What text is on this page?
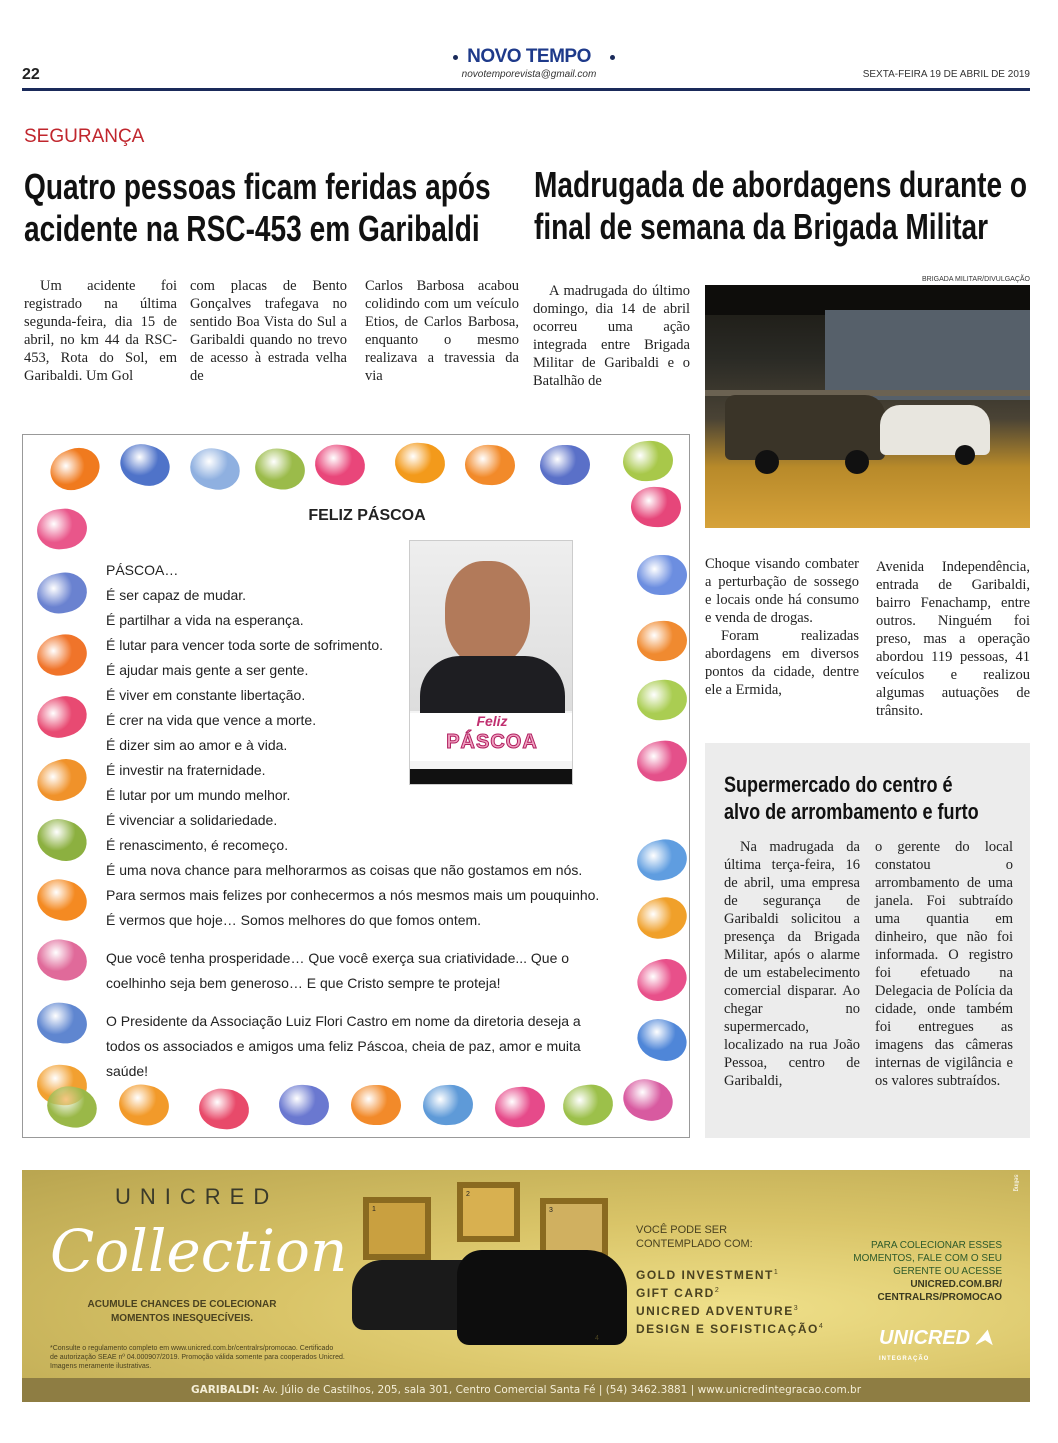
NOVO TEMPO
novotemporevista@gmail.com
22	SEXTA-FEIRA 19 DE ABRIL DE 2019
SEGURANÇA
Quatro pessoas ficam feridas após
acidente na RSC-453 em Garibaldi

Um acidente foi registrado na última segunda-feira, dia 15 de abril, no km 44 da RSC-453, Rota do Sol, em Garibaldi. Um Gol

com placas de Bento Gonçalves trafegava no sentido Boa Vista do Sul a Garibaldi quando no trevo de acesso à estrada velha de

Carlos Barbosa acabou colidindo com um veículo Etios, de Carlos Barbosa, enquanto o mesmo realizava a travessia da via

Madrugada de abordagens durante o
final de semana da Brigada Militar

A madrugada do último domingo, dia 14 de abril ocorreu uma ação integrada entre Brigada Militar de Garibaldi e o Batalhão de

BRIGADA MILITAR/DIVULGAÇÃO

Choque visando combater a perturbação de sossego e locais onde há consumo e venda de drogas.

Foram realizadas abordagens em diversos pontos da cidade, dentre ele a Ermida,

Avenida Independência, entrada de Garibaldi, bairro Fenachamp, entre outros. Ninguém foi preso, mas a operação abordou 119 pessoas, 41 veículos e realizou algumas autuações de trânsito.

FELIZ PÁSCOA
PÁSCOA…
É ser capaz de mudar.
É partilhar a vida na esperança.
É lutar para vencer toda sorte de sofrimento.
É ajudar mais gente a ser gente.
É viver em constante libertação.
É crer na vida que vence a morte.
É dizer sim ao amor e à vida.
É investir na fraternidade.
É lutar por um mundo melhor.
É vivenciar a solidariedade.
É renascimento, é recomeço.
É uma nova chance para melhorarmos as coisas que não gostamos em nós.
Para sermos mais felizes por conhecermos a nós mesmos mais um pouquinho.
É vermos que hoje… Somos melhores do que fomos ontem.
Que você tenha prosperidade… Que você exerça sua criatividade... Que o
coelhinho seja bem generoso… E que Cristo sempre te proteja!
O Presidente da Associação Luiz Flori Castro em nome da diretoria deseja a
todos os associados e amigos uma feliz Páscoa, cheia de paz, amor e muita
saúde!
Feliz
PÁSCOA
Supermercado do centro é
alvo de arrombamento e furto

Na madrugada da última terça-feira, 16 de abril, uma empresa de segurança de Garibaldi solicitou a presença da Brigada Militar, após o alarme de um estabelecimento comercial disparar. Ao chegar no supermercado, localizado na rua João Pessoa, centro de Garibaldi,

o gerente do local constatou o arrombamento de uma janela. Foi subtraído uma quantia em dinheiro, que não foi informada. O registro foi efetuado na Delegacia de Polícia da cidade, onde também foi entregues as imagens das câmeras internas de vigilância e os valores subtraídos.

UNICRED
Collection
ACUMULE CHANCES DE COLECIONAR
MOMENTOS INESQUECÍVEIS.
*Consulte o regulamento completo em www.unicred.com.br/centralrs/promocao. Certificado
de autorização SEAE nº 04.000907/2019. Promoção válida somente para cooperados Unicred.
Imagens meramente ilustrativas.
1
2
3
4
VOCÊ PODE SER
CONTEMPLADO COM:
GOLD INVESTMENT$^1$
GIFT CARD$^2$
UNICRED ADVENTURE$^3$
DESIGN E SOFISTICAÇÃO$^4$
PARA COLECIONAR ESSES
MOMENTOS, FALE COM O SEU
GERENTE OU ACESSE
UNICRED.COM.BR/
CENTRALRS/PROMOCAO
UNICRED ⮝
INTEGRAÇÃO
selling
GARIBALDI: Av. Júlio de Castilhos, 205, sala 301, Centro Comercial Santa Fé | (54) 3462.3881 | www.unicredintegracao.com.br
